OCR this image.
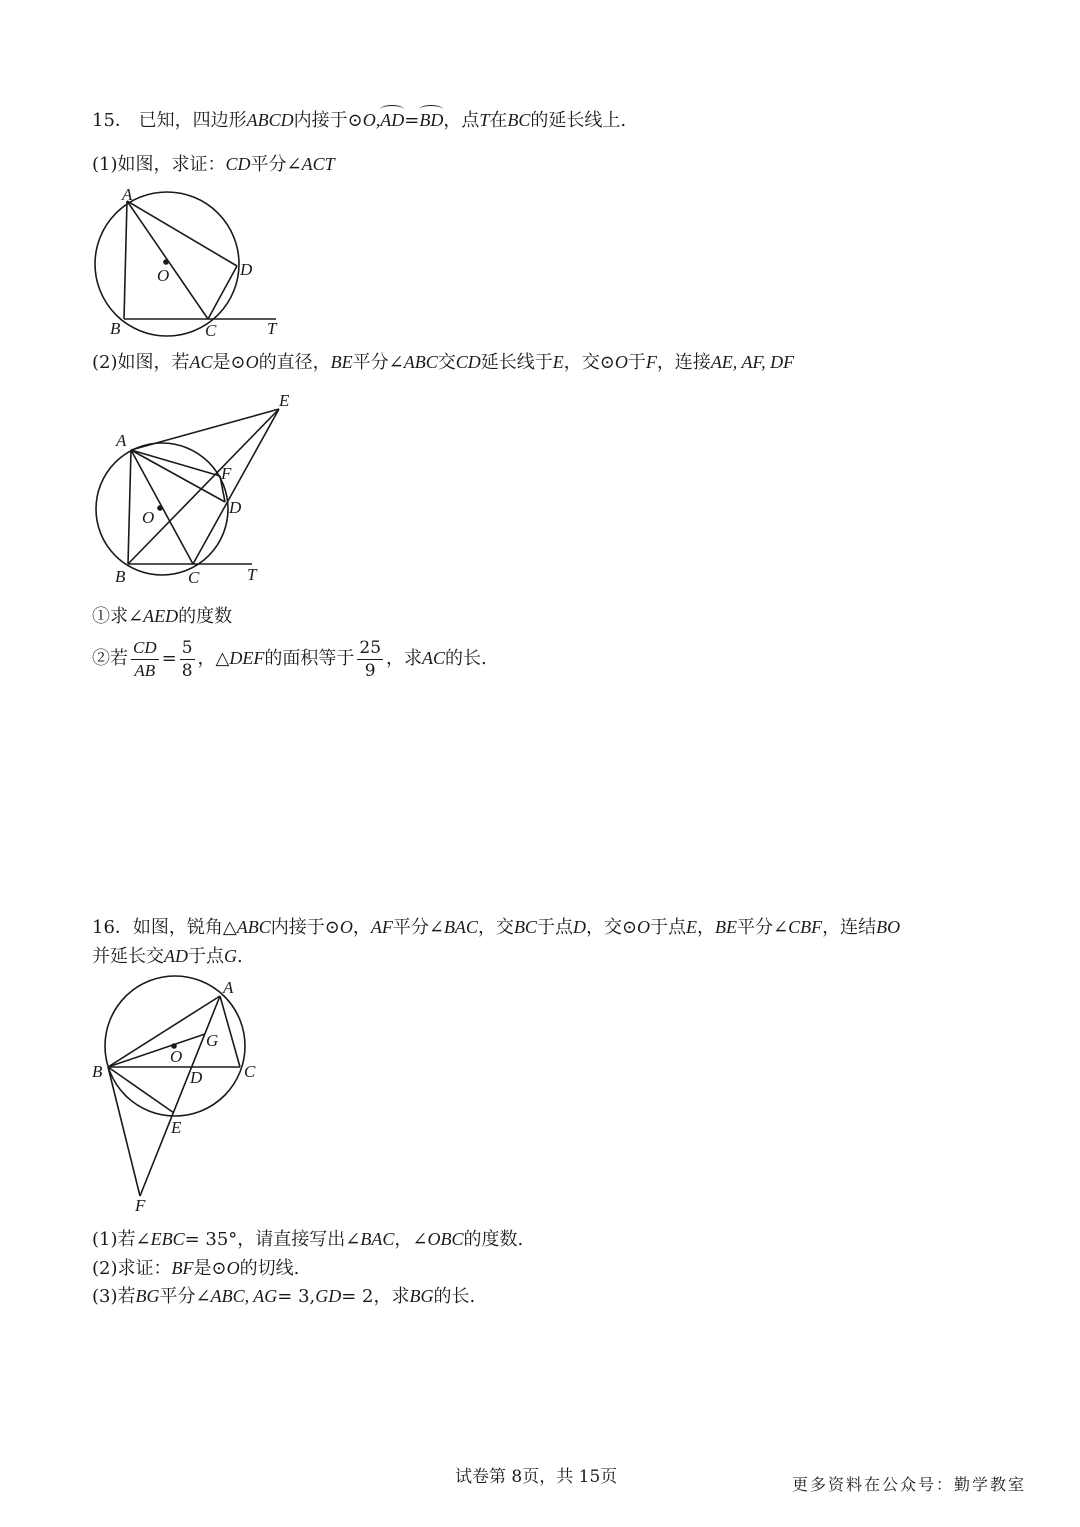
15． 已知，四边形ABCD内接于⊙O,AD=BD，点T在BC的延长线上.
(1)如图，求证：CD平分∠ACT
A
O	D
B	C	T
(2)如图，若AC是⊙O的直径，BE平分∠ABC交CD延长线于E，交⊙O于F，连接AE, AF, DF
E
A
F
O
D
B	C	T
①求∠AED的度数
②若 $\frac{CD}{AB} = \frac{5}{8}$ ，△DEF的面积等于 $\frac{25}{9}$ ，求AC的长.
16．如图，锐角△ABC内接于⊙O，AF平分∠BAC，交BC于点D，交⊙O于点E，BE平分∠CBF，连结BO
并延长交AD于点G.
A
G
O
B	D C
E
F
(1)若∠EBC= 35°，请直接写出∠BAC，∠OBC的度数.
(2)求证：BF是⊙O的切线.
(3)若BG平分∠ABC, AG= 3,GD= 2，求BG的长.
试卷第 8页，共 15页	更多资料在公众号：勤学教室
